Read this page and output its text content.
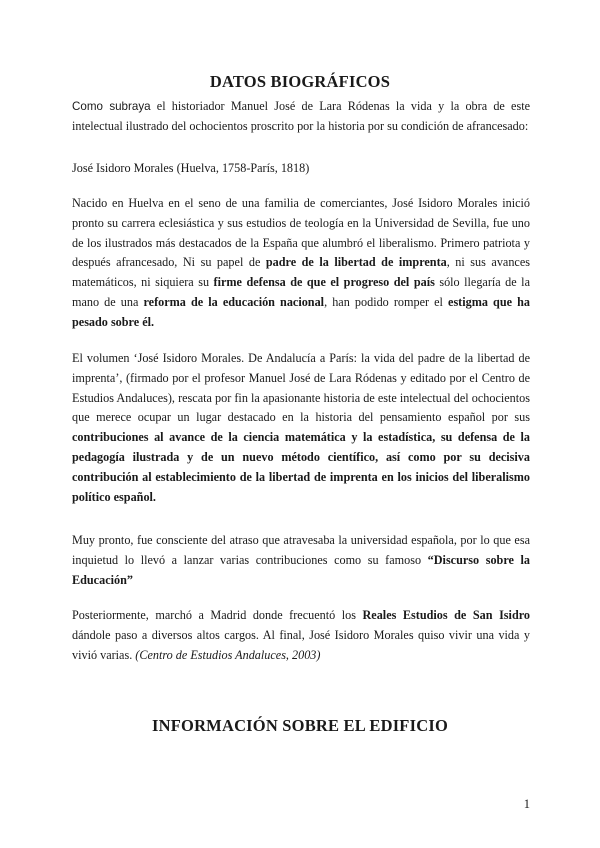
DATOS BIOGRÁFICOS
Como subraya el historiador Manuel José de Lara Ródenas la vida y la obra de este intelectual ilustrado del ochocientos proscrito por la historia por su condición de afrancesado:
José Isidoro Morales (Huelva, 1758-París, 1818)
Nacido en Huelva en el seno de una familia de comerciantes, José Isidoro Morales inició pronto su carrera eclesiástica y sus estudios de teología en la Universidad de Sevilla, fue uno de los ilustrados más destacados de la España que alumbró el liberalismo. Primero patriota y después afrancesado, Ni su papel de padre de la libertad de imprenta, ni sus avances matemáticos, ni siquiera su firme defensa de que el progreso del país sólo llegaría de la mano de una reforma de la educación nacional, han podido romper el estigma que ha pesado sobre él.
El volumen ‘José Isidoro Morales. De Andalucía a París: la vida del padre de la libertad de imprenta’, (firmado por el profesor Manuel José de Lara Ródenas y editado por el Centro de Estudios Andaluces), rescata por fin la apasionante historia de este intelectual del ochocientos que merece ocupar un lugar destacado en la historia del pensamiento español por sus contribuciones al avance de la ciencia matemática y la estadística, su defensa de la pedagogía ilustrada y de un nuevo método científico, así como por su decisiva contribución al establecimiento de la libertad de imprenta en los inicios del liberalismo político español.
Muy pronto, fue consciente del atraso que atravesaba la universidad española, por lo que esa inquietud lo llevó a lanzar varias contribuciones como su famoso “Discurso sobre la Educación”
Posteriormente, marchó a Madrid donde frecuentó los Reales Estudios de San Isidro dándole paso a diversos altos cargos. Al final, José Isidoro Morales quiso vivir una vida y vivió varias. (Centro de Estudios Andaluces, 2003)
INFORMACIÓN SOBRE EL EDIFICIO
1
